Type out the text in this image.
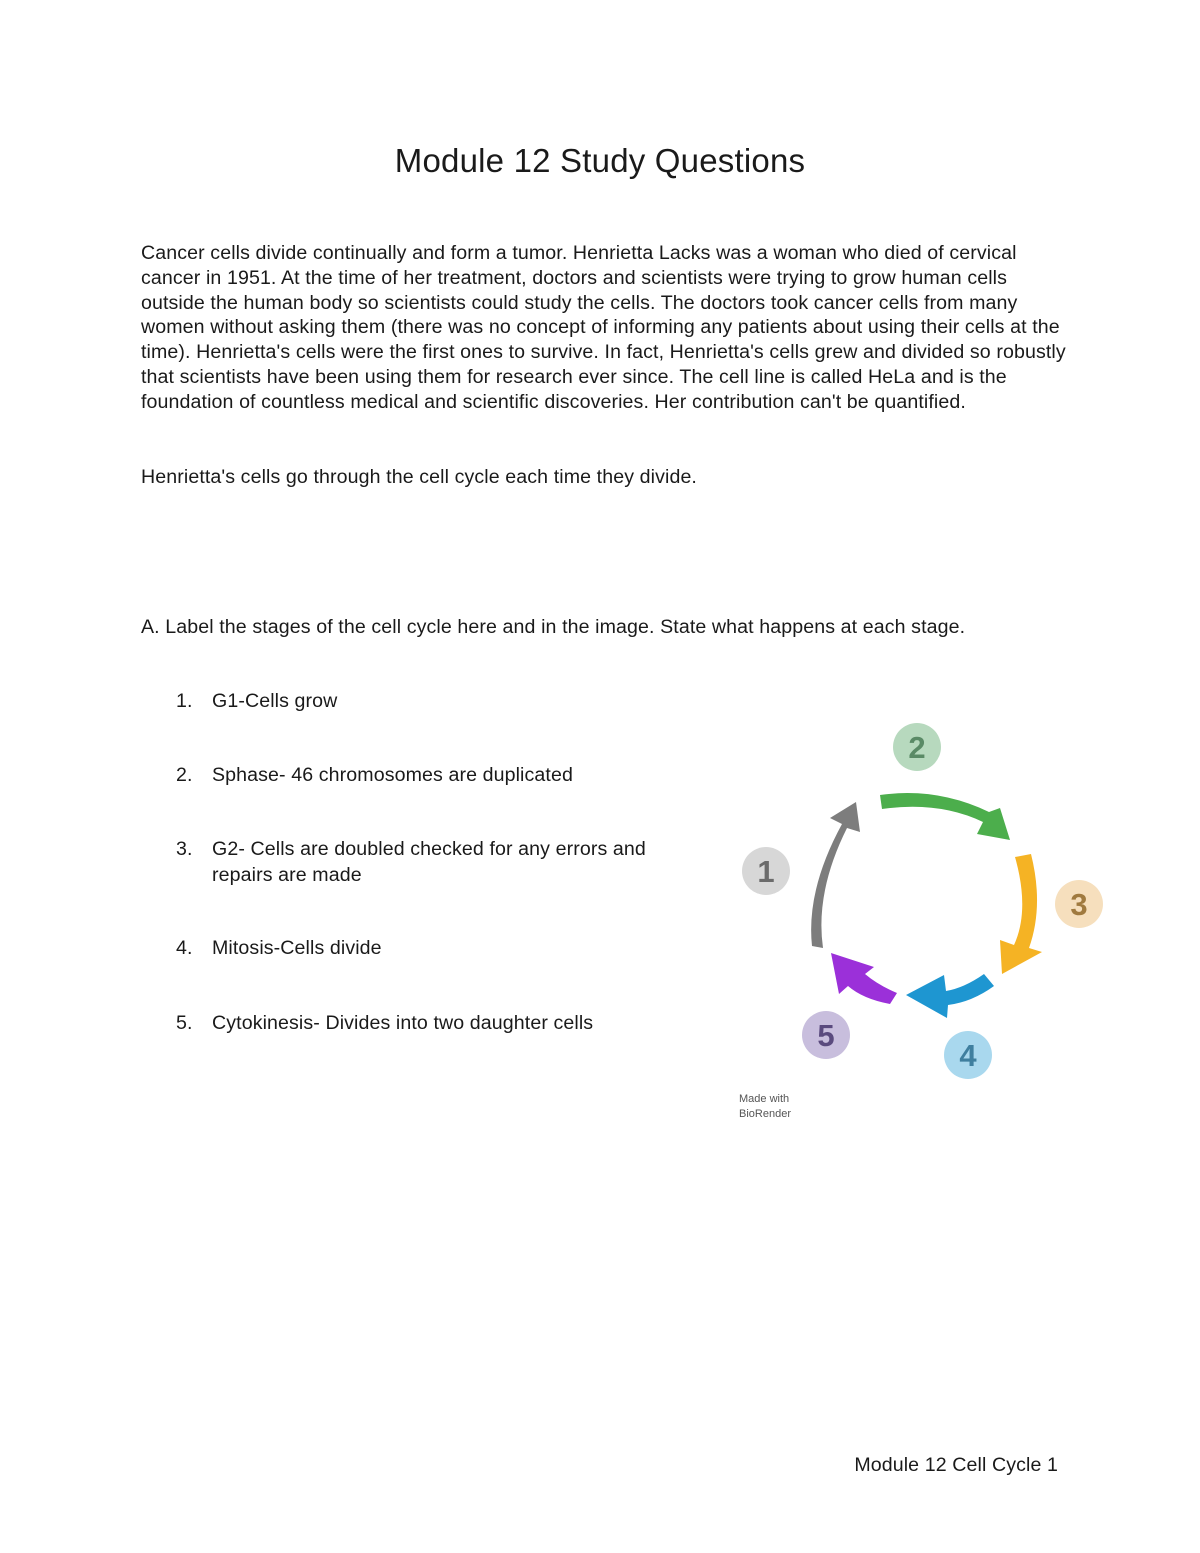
Module 12 Study Questions

Cancer cells divide continually and form a tumor. Henrietta Lacks was a woman who died of cervical cancer in 1951. At the time of her treatment, doctors and scientists were trying to grow human cells outside the human body so scientists could study the cells. The doctors took cancer cells from many women without asking them (there was no concept of informing any patients about using their cells at the time). Henrietta's cells were the first ones to survive. In fact, Henrietta's cells grew and divided so robustly that scientists have been using them for research ever since. The cell line is called HeLa and is the foundation of countless medical and scientific discoveries. Her contribution can't be quantified.

Henrietta's cells go through the cell cycle each time they divide.

A. Label the stages of the cell cycle here and in the image. State what happens at each stage.

1. G1-Cells grow
2. Sphase- 46 chromosomes are duplicated
3. G2- Cells are doubled checked for any errors and repairs are made
4. Mitosis-Cells divide
5. Cytokinesis- Divides into two daughter cells
1
2
3
4
5
Made with
BioRender

Module 12 Cell Cycle 1
